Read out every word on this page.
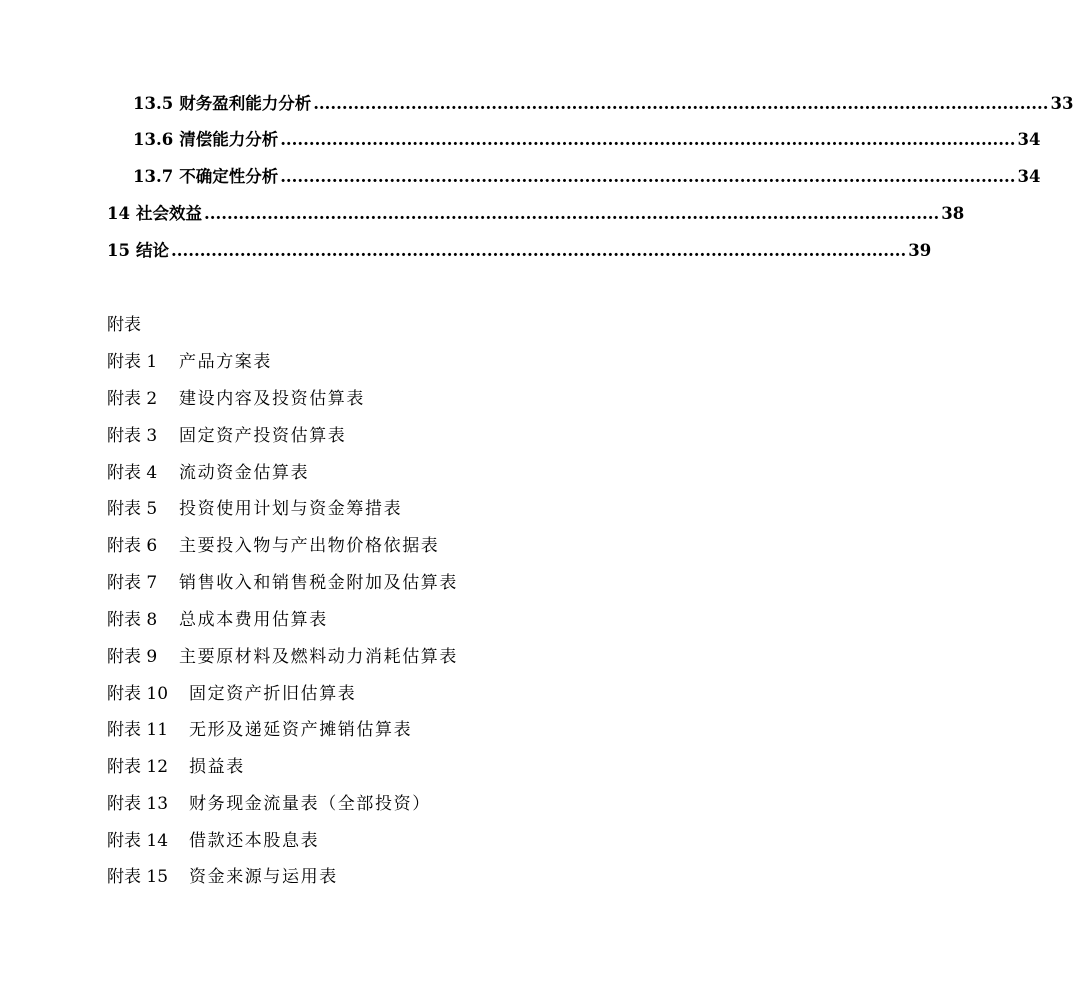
13.5 财务盈利能力分析 ................................................................................................................................ 33
13.6 清偿能力分析 ................................................................................................................................ 34
13.7 不确定性分析 ................................................................................................................................ 34
14 社会效益 ................................................................................................................................ 38
15 结论 ................................................................................................................................ 39
附表
附表 1	产品方案表
附表 2	建设内容及投资估算表
附表 3	固定资产投资估算表
附表 4	流动资金估算表
附表 5	投资使用计划与资金筹措表
附表 6	主要投入物与产出物价格依据表
附表 7	销售收入和销售税金附加及估算表
附表 8	总成本费用估算表
附表 9	主要原材料及燃料动力消耗估算表
附表 10	固定资产折旧估算表
附表 11	无形及递延资产摊销估算表
附表 12	损益表
附表 13	财务现金流量表（全部投资）
附表 14	借款还本股息表
附表 15	资金来源与运用表
